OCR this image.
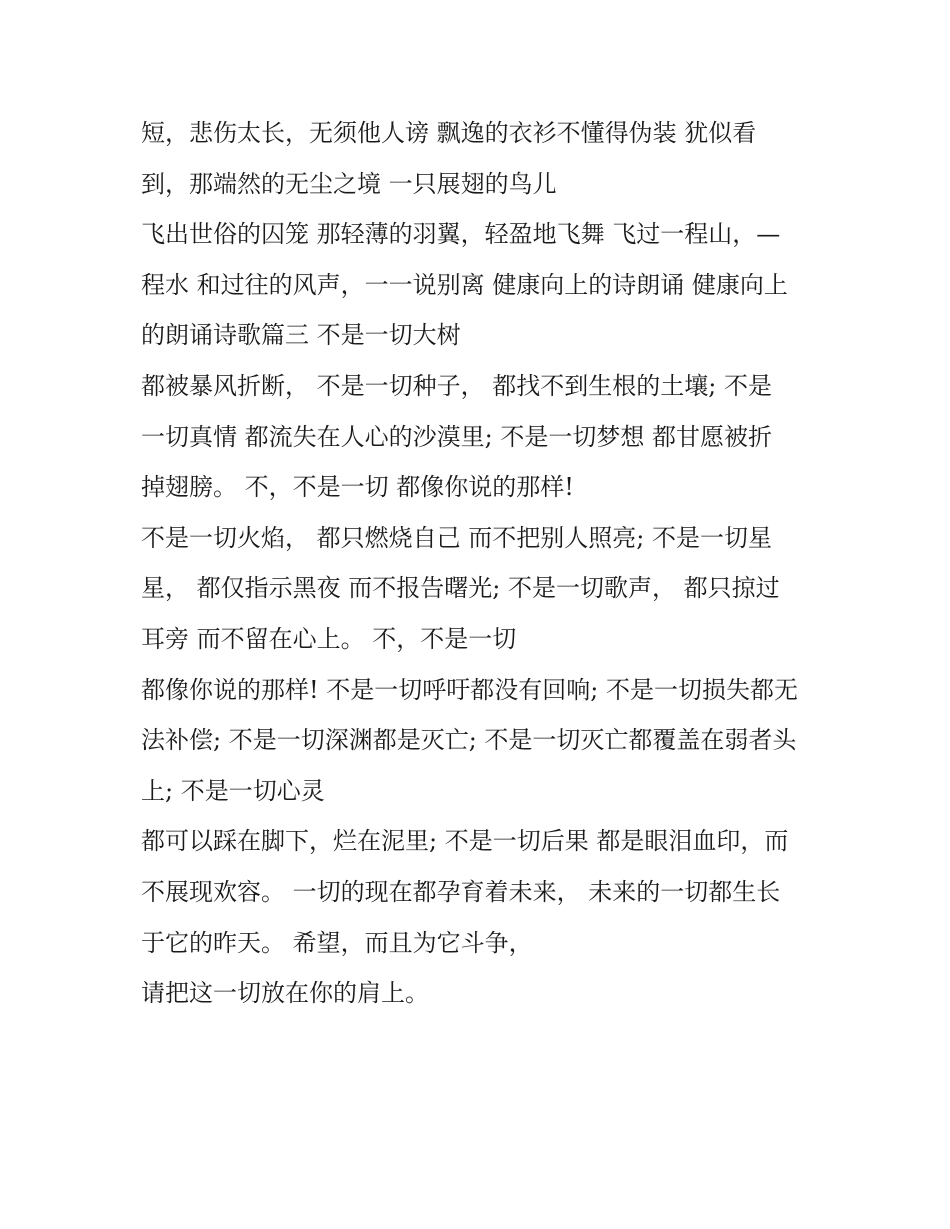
短，悲伤太长，无须他人谤 飘逸的衣衫不懂得伪装 犹似看
到，那端然的无尘之境 一只展翅的鸟儿
飞出世俗的囚笼 那轻薄的羽翼，轻盈地飞舞 飞过一程山，—
程水 和过往的风声，一一说别离 健康向上的诗朗诵 健康向上
的朗诵诗歌篇三 不是一切大树
都被暴风折断， 不是一切种子， 都找不到生根的土壤; 不是
一切真情 都流失在人心的沙漠里; 不是一切梦想 都甘愿被折
掉翅膀。 不，不是一切 都像你说的那样!
不是一切火焰， 都只燃烧自己 而不把别人照亮; 不是一切星
星， 都仅指示黑夜 而不报告曙光; 不是一切歌声， 都只掠过
耳旁 而不留在心上。 不，不是一切
都像你说的那样! 不是一切呼吁都没有回响; 不是一切损失都无
法补偿; 不是一切深渊都是灭亡; 不是一切灭亡都覆盖在弱者头
上; 不是一切心灵
都可以踩在脚下，烂在泥里; 不是一切后果 都是眼泪血印，而
不展现欢容。 一切的现在都孕育着未来， 未来的一切都生长
于它的昨天。 希望，而且为它斗争，
请把这一切放在你的肩上。
